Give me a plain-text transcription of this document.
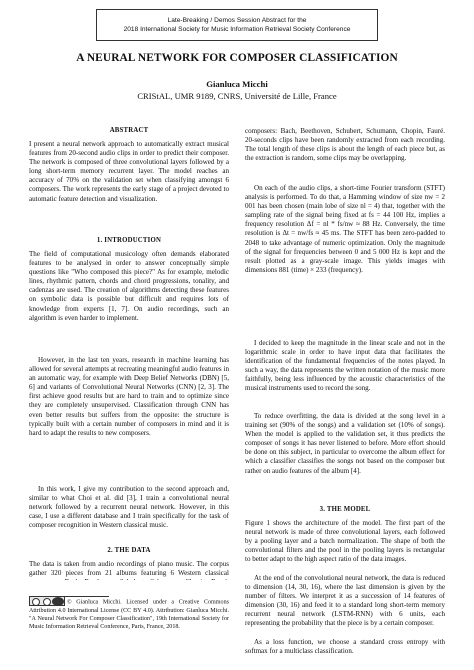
Late-Breaking / Demos Session Abstract for the
2018 International Society for Music Information Retrieval Society Conference
A NEURAL NETWORK FOR COMPOSER CLASSIFICATION
Gianluca Micchi
CRIStAL, UMR 9189, CNRS, Université de Lille, France
ABSTRACT
I present a neural network approach to automatically extract musical features from 20-second audio clips in order to predict their composer. The network is composed of three convolutional layers followed by a long short-term memory recurrent layer. The model reaches an accuracy of 70% on the validation set when classifying amongst 6 composers. The work represents the early stage of a project devoted to automatic feature detection and visualization.
1. INTRODUCTION
The field of computational musicology often demands elaborated features to be analysed in order to answer conceptually simple questions like "Who composed this piece?" As for example, melodic lines, rhythmic pattern, chords and chord progressions, tonality, and cadenzas are used. The creation of algorithms detecting these features on symbolic data is possible but difficult and requires lots of knowledge from experts [1, 7]. On audio recordings, such an algorithm is even harder to implement.
However, in the last ten years, research in machine learning has allowed for several attempts at recreating meaningful audio features in an automatic way, for example with Deep Belief Networks (DBN) [5, 6] and variants of Convolutional Neural Networks (CNN) [2, 3]. The first achieve good results but are hard to train and to optimize since they are completely unsupervised. Classification through CNN has even better results but suffers from the opposite: the structure is typically built with a certain number of composers in mind and it is hard to adapt the results to new composers.
In this work, I give my contribution to the second approach and, similar to what Choi et al. did [3], I train a convolutional neural network followed by a recurrent neural network. However, in this case, I use a different database and I train specifically for the task of composer recognition in Western classical music.
2. THE DATA
The data is taken from audio recordings of piano music. The corpus gather 320 pieces from 21 albums featuring 6 Western classical
© Gianluca Micchi. Licensed under a Creative Commons Attribution 4.0 International License (CC BY 4.0). Attribution: Gianluca Micchi. "A Neural Network For Composer Classification", 19th International Society for Music Information Retrieval Conference, Paris, France, 2018.
composers: Bach, Beethoven, Schubert, Schumann, Chopin, Fauré. 20-seconds clips have been randomly extracted from each recording. The total length of these clips is about the length of each piece but, as the extraction is random, some clips may be overlapping.
On each of the audio clips, a short-time Fourier transform (STFT) analysis is performed. To do that, a Hamming window of size nw = 2 001 has been chosen (main lobe of size nl = 4) that, together with the sampling rate of the signal being fixed at fs = 44 100 Hz, implies a frequency resolution Δf = nl * fs/nw ≈ 88 Hz. Conversely, the time resolution is Δt = nw/fs ≈ 45 ms. The STFT has been zero-padded to 2048 to take advantage of numeric optimization. Only the magnitude of the signal for frequencies between 0 and 5 000 Hz is kept and the result plotted as a gray-scale image. This yields images with dimensions 881 (time) × 233 (frequency).
I decided to keep the magnitude in the linear scale and not in the logarithmic scale in order to have input data that facilitates the identification of the fundamental frequencies of the notes played. In such a way, the data represents the written notation of the music more faithfully, being less influenced by the acoustic characteristics of the musical instruments used to record the song.
To reduce overfitting, the data is divided at the song level in a training set (90% of the songs) and a validation set (10% of songs). When the model is applied to the validation set, it thus predicts the composer of songs it has never listened to before. More effort should be done on this subject, in particular to overcome the album effect for which a classifier classifies the songs not based on the composer but rather on audio features of the album [4].
3. THE MODEL
Figure 1 shows the architecture of the model. The first part of the neural network is made of three convolutional layers, each followed by a pooling layer and a batch normalization. The shape of both the convolutional filters and the pool in the pooling layers is rectangular to better adapt to the high aspect ratio of the data images.
At the end of the convolutional neural network, the data is reduced to dimension (14, 30, 16), where the last dimension is given by the number of filters. We interpret it as a succession of 14 features of dimension (30, 16) and feed it to a standard long short-term memory recurrent neural network (LSTM-RNN) with 6 units, each representing the probability that the piece is by a certain composer.
As a loss function, we choose a standard cross entropy with softmax for a multiclass classification.
